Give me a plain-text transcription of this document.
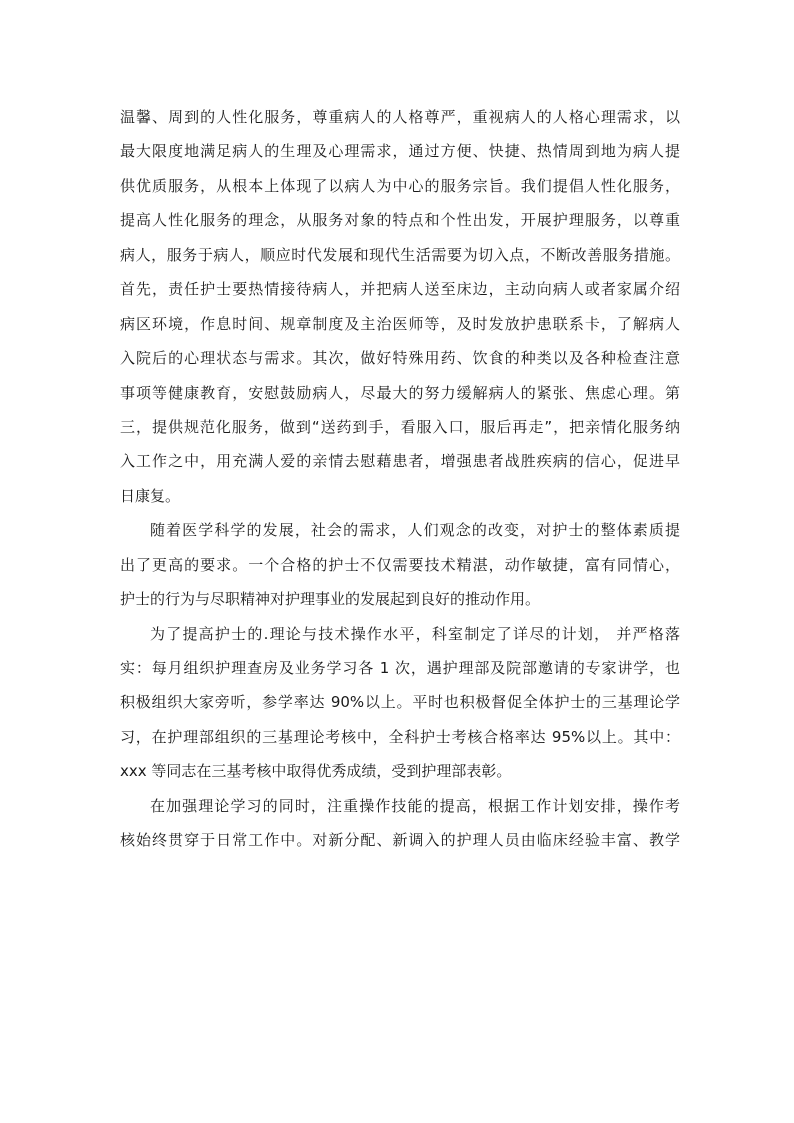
温馨、周到的人性化服务，尊重病人的人格尊严，重视病人的人格心理需求，以
最大限度地满足病人的生理及心理需求，通过方便、快捷、热情周到地为病人提
供优质服务，从根本上体现了以病人为中心的服务宗旨。我们提倡人性化服务，
提高人性化服务的理念，从服务对象的特点和个性出发，开展护理服务，以尊重
病人，服务于病人，顺应时代发展和现代生活需要为切入点，不断改善服务措施。
首先，责任护士要热情接待病人，并把病人送至床边，主动向病人或者家属介绍
病区环境，作息时间、规章制度及主治医师等，及时发放护患联系卡，了解病人
入院后的心理状态与需求。其次，做好特殊用药、饮食的种类以及各种检查注意
事项等健康教育，安慰鼓励病人，尽最大的努力缓解病人的紧张、焦虑心理。第
三，提供规范化服务，做到“送药到手，看服入口，服后再走”，把亲情化服务纳
入工作之中，用充满人爱的亲情去慰藉患者，增强患者战胜疾病的信心，促进早
日康复。
随着医学科学的发展，社会的需求，人们观念的改变，对护士的整体素质提
出了更高的要求。一个合格的护士不仅需要技术精湛，动作敏捷，富有同情心，
护士的行为与尽职精神对护理事业的发展起到良好的推动作用。
为了提高护士的.理论与技术操作水平，科室制定了详尽的计划， 并严格落
实：每月组织护理查房及业务学习各 1 次，遇护理部及院部邀请的专家讲学，也
积极组织大家旁听，参学率达 90%以上。平时也积极督促全体护士的三基理论学
习，在护理部组织的三基理论考核中，全科护士考核合格率达 95%以上。其中：
xxx 等同志在三基考核中取得优秀成绩，受到护理部表彰。
在加强理论学习的同时，注重操作技能的提高，根据工作计划安排，操作考
核始终贯穿于日常工作中。对新分配、新调入的护理人员由临床经验丰富、教学
